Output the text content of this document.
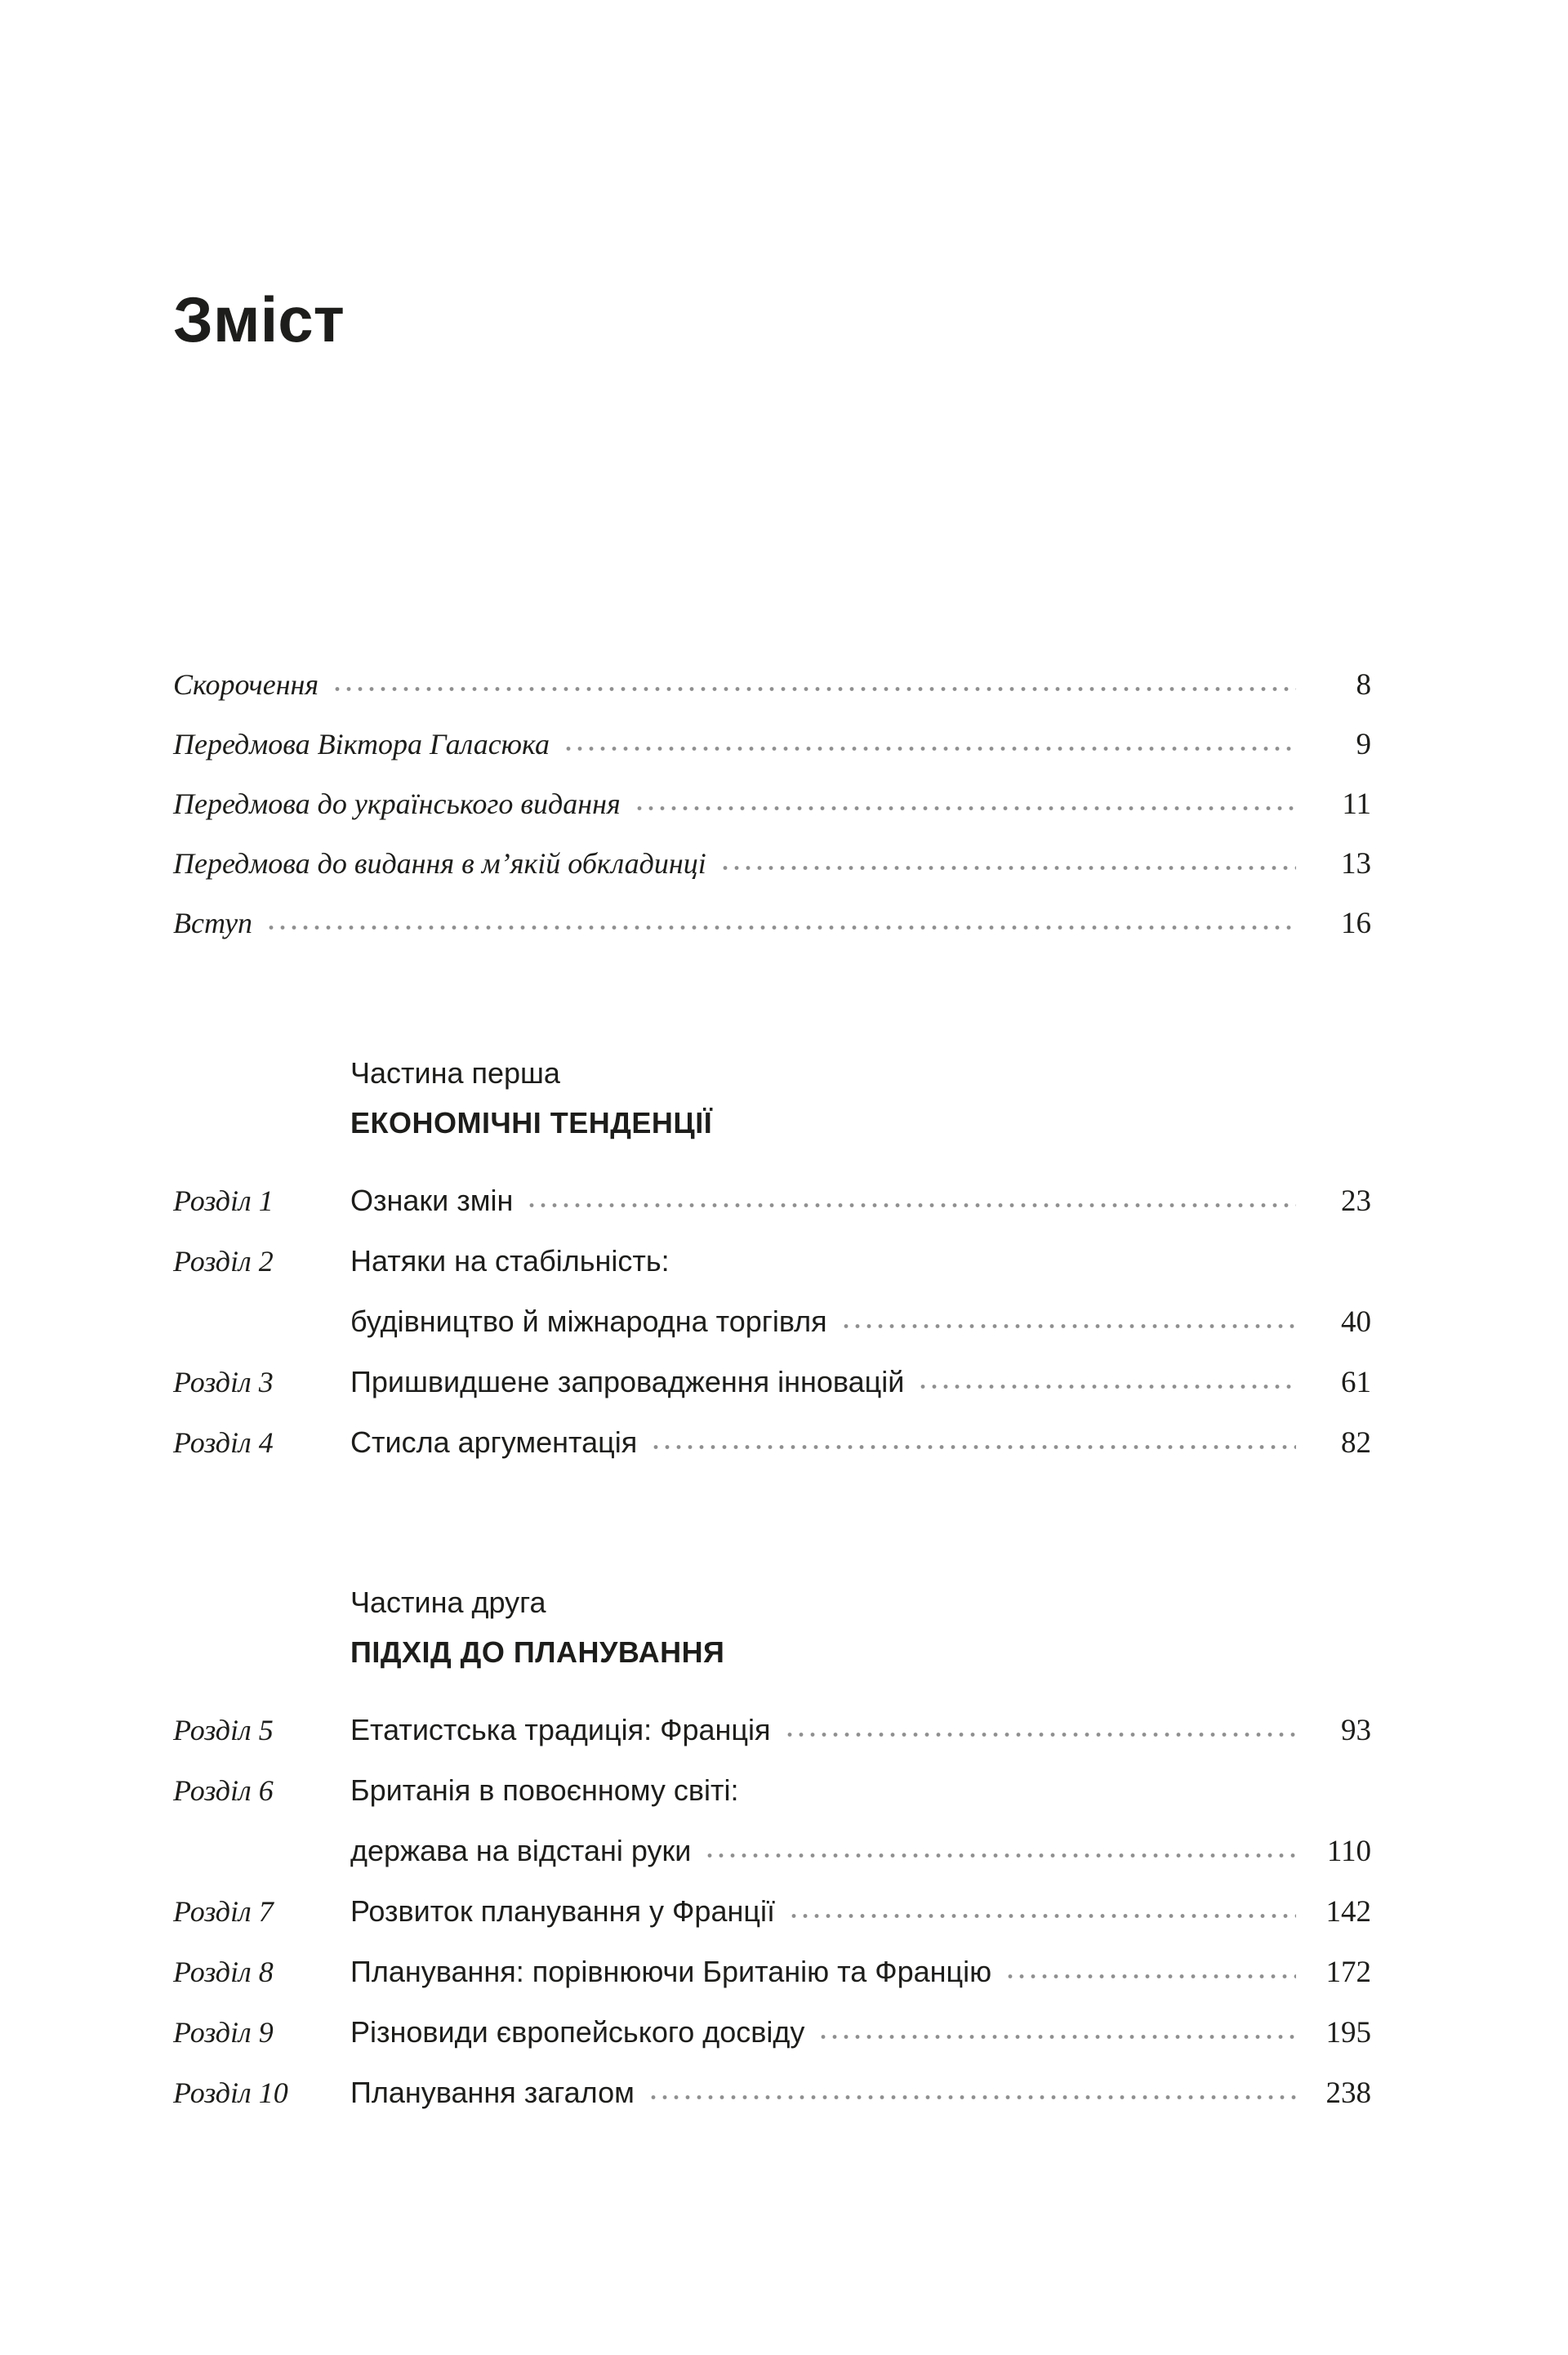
Зміст
Скорочення	8
Передмова Віктора Галасюка	9
Передмова до українського видання	11
Передмова до видання в м’якій обкладинці	13
Вступ	16
Частина перша
ЕКОНОМІЧНІ ТЕНДЕНЦІЇ
Розділ 1	Ознаки змін	23
Розділ 2	Натяки на стабільність:
будівництво й міжнародна торгівля	40
Розділ 3	Пришвидшене запровадження інновацій	61
Розділ 4	Стисла аргументація	82
Частина друга
ПІДХІД ДО ПЛАНУВАННЯ
Розділ 5	Етатистська традиція: Франція	93
Розділ 6	Британія в повоєнному світі:
держава на відстані руки	110
Розділ 7	Розвиток планування у Франції	142
Розділ 8	Планування: порівнюючи Британію та Францію	172
Розділ 9	Різновиди європейського досвіду	195
Розділ 10	Планування загалом	238
